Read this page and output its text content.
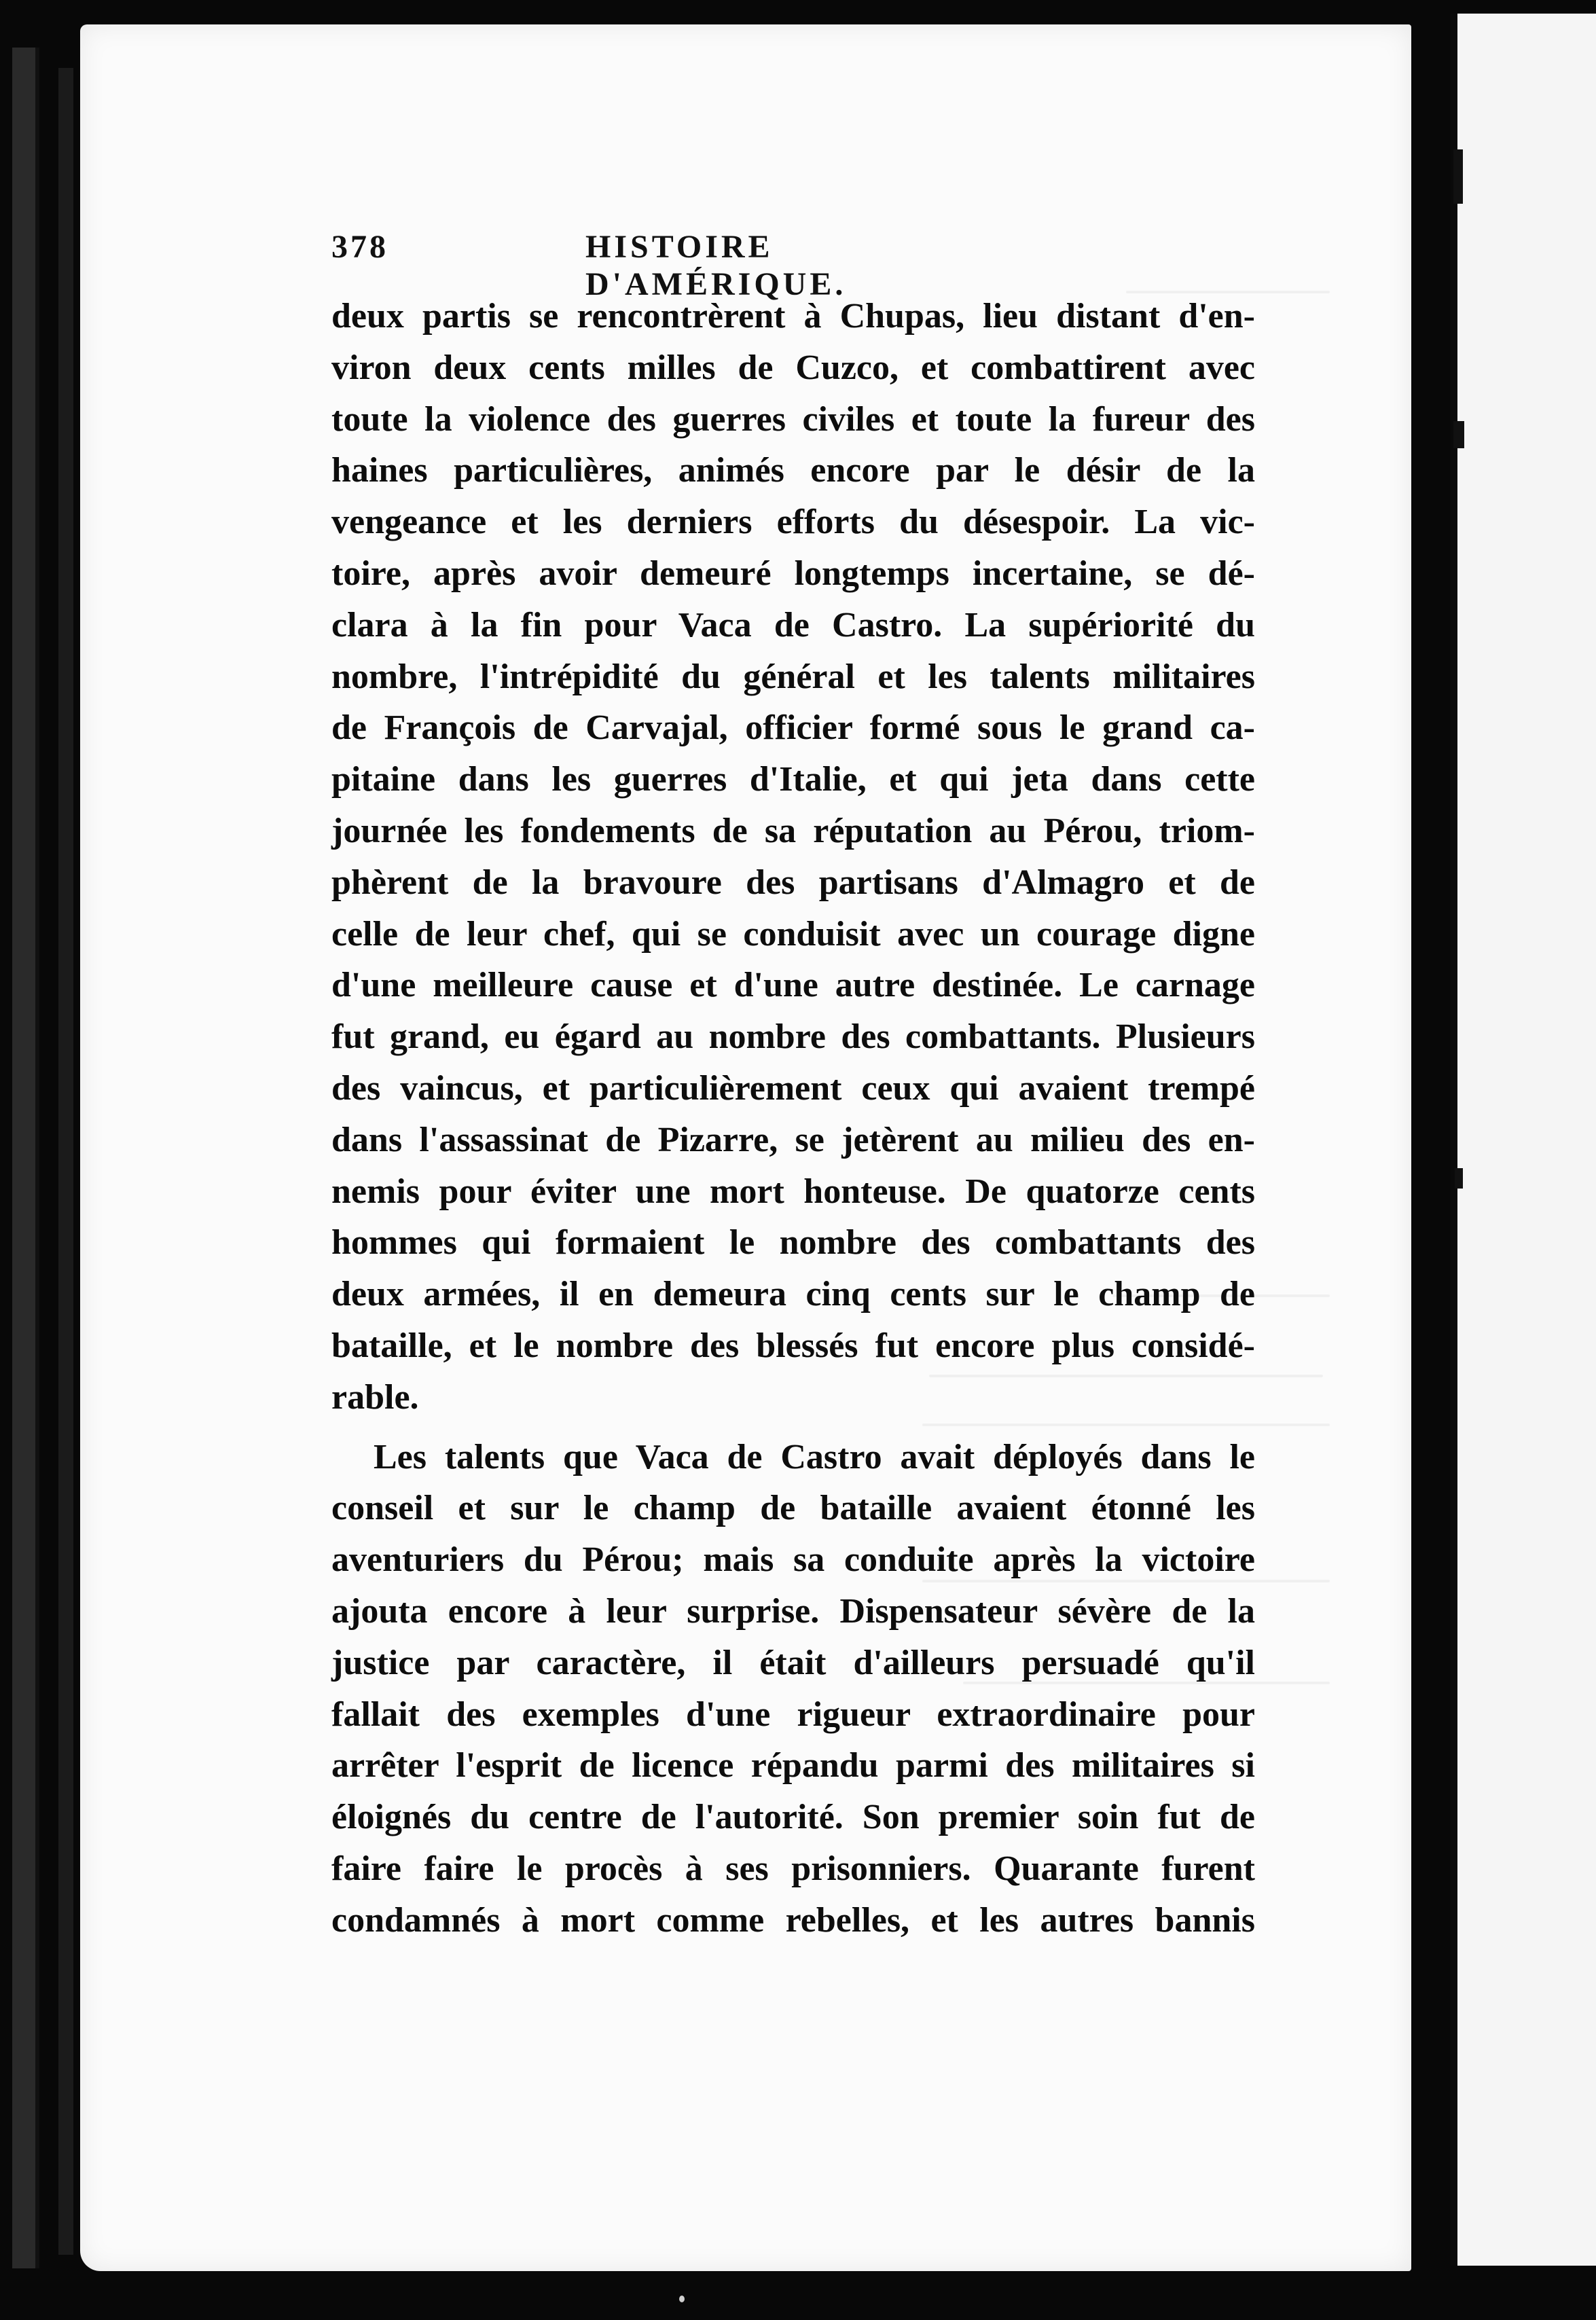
378	HISTOIRE D'AMÉRIQUE.
deux partis se rencontrèrent à Chupas, lieu distant d'en-
viron deux cents milles de Cuzco, et combattirent avec
toute la violence des guerres civiles et toute la fureur des
haines particulières, animés encore par le désir de la
vengeance et les derniers efforts du désespoir. La vic-
toire, après avoir demeuré longtemps incertaine, se dé-
clara à la fin pour Vaca de Castro. La supériorité du
nombre, l'intrépidité du général et les talents militaires
de François de Carvajal, officier formé sous le grand ca-
pitaine dans les guerres d'Italie, et qui jeta dans cette
journée les fondements de sa réputation au Pérou, triom-
phèrent de la bravoure des partisans d'Almagro et de
celle de leur chef, qui se conduisit avec un courage digne
d'une meilleure cause et d'une autre destinée. Le carnage
fut grand, eu égard au nombre des combattants. Plusieurs
des vaincus, et particulièrement ceux qui avaient trempé
dans l'assassinat de Pizarre, se jetèrent au milieu des en-
nemis pour éviter une mort honteuse. De quatorze cents
hommes qui formaient le nombre des combattants des
deux armées, il en demeura cinq cents sur le champ de
bataille, et le nombre des blessés fut encore plus considé-
rable.
Les talents que Vaca de Castro avait déployés dans le
conseil et sur le champ de bataille avaient étonné les
aventuriers du Pérou; mais sa conduite après la victoire
ajouta encore à leur surprise. Dispensateur sévère de la
justice par caractère, il était d'ailleurs persuadé qu'il
fallait des exemples d'une rigueur extraordinaire pour
arrêter l'esprit de licence répandu parmi des militaires si
éloignés du centre de l'autorité. Son premier soin fut de
faire faire le procès à ses prisonniers. Quarante furent
condamnés à mort comme rebelles, et les autres bannis
